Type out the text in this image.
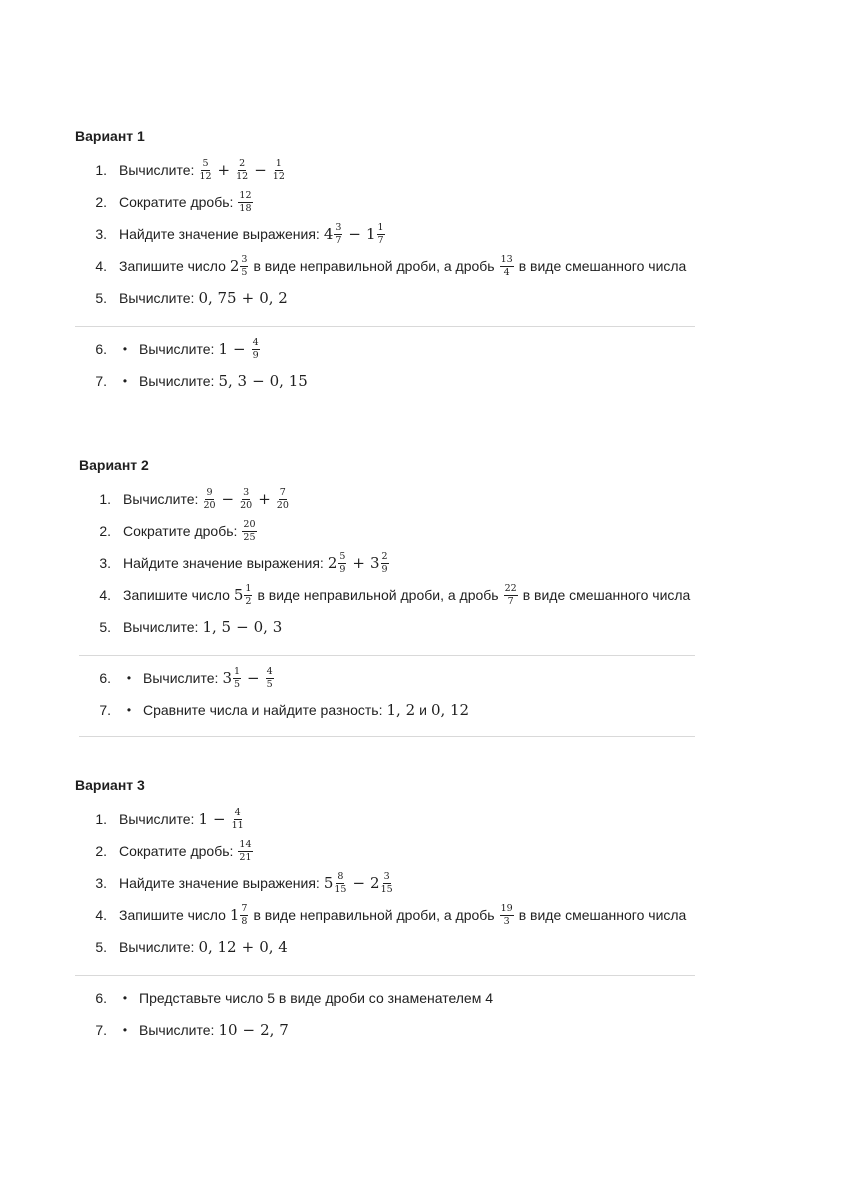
Вариант 1
1. Вычислите: $\frac{5}{12} + \frac{2}{12} - \frac{1}{12}$
2. Сократите дробь: $\frac{12}{18}$
3. Найдите значение выражения: $4 \frac{3}{7} - 1 \frac{1}{7}$
4. Запишите число $2 \frac{3}{5}$ в виде неправильной дроби, а дробь $\frac{13}{4}$ в виде смешанного числа
5. Вычислите: 0, 75 + 0, 2
6.	• Вычислите: $1 - \frac{4}{9}$
7.	• Вычислите: 5, 3 − 0, 15
Вариант 2
1. Вычислите: $\frac{9}{20} - \frac{3}{20} + \frac{7}{20}$
2. Сократите дробь: $\frac{20}{25}$
3. Найдите значение выражения: $2 \frac{5}{9} + 3 \frac{2}{9}$
4. Запишите число $5 \frac{1}{2}$ в виде неправильной дроби, а дробь $\frac{22}{7}$ в виде смешанного числа
5. Вычислите: 1, 5 − 0, 3
6.	• Вычислите: $3 \frac{1}{5} - \frac{4}{5}$
7.	• Сравните числа и найдите разность: 1, 2 и 0, 12
Вариант 3
1. Вычислите: $1 - \frac{4}{11}$
2. Сократите дробь: $\frac{14}{21}$
3. Найдите значение выражения: $5 \frac{8}{15} - 2 \frac{3}{15}$
4. Запишите число $1 \frac{7}{8}$ в виде неправильной дроби, а дробь $\frac{19}{3}$ в виде смешанного числа
5. Вычислите: 0, 12 + 0, 4
6.	• Представьте число 5 в виде дроби со знаменателем 4
7.	• Вычислите: 10 − 2, 7
